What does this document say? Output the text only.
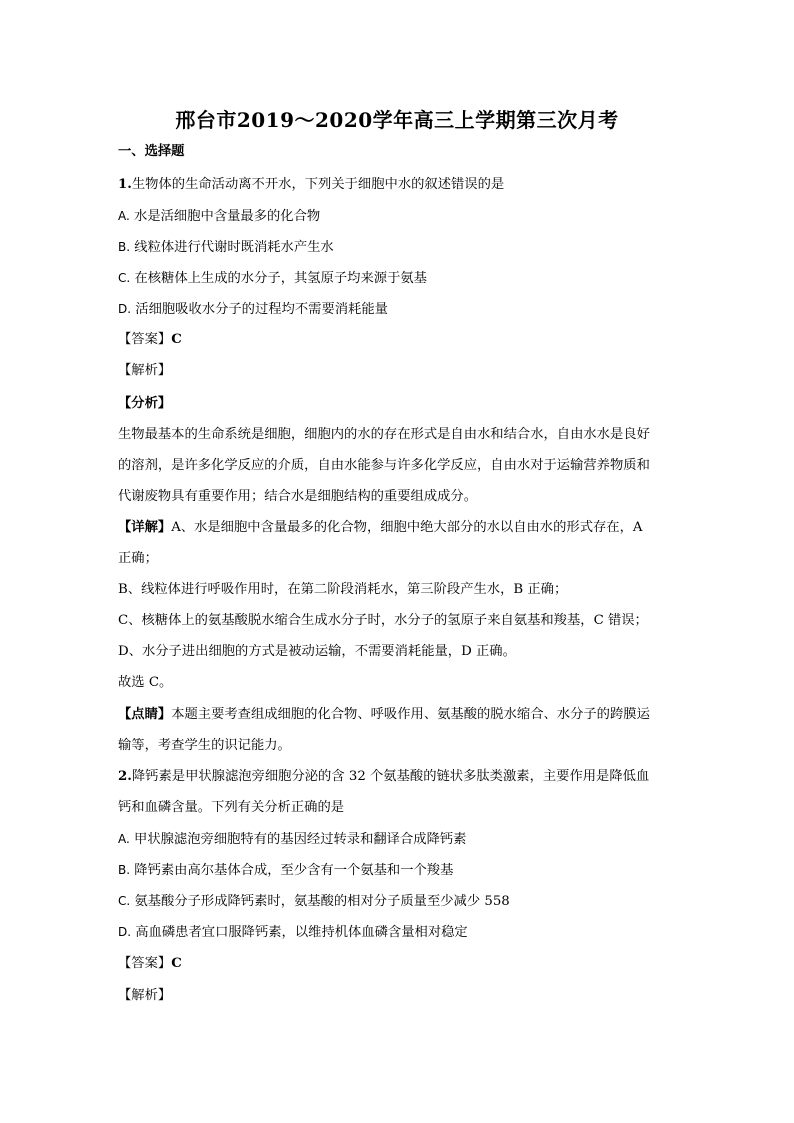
邢台市2019～2020学年高三上学期第三次月考
一、选择题
1.生物体的生命活动离不开水，下列关于细胞中水的叙述错误的是
A. 水是活细胞中含量最多的化合物
B. 线粒体进行代谢时既消耗水产生水
C. 在核糖体上生成的水分子，其氢原子均来源于氨基
D. 活细胞吸收水分子的过程均不需要消耗能量
【答案】C
【解析】
【分析】
生物最基本的生命系统是细胞，细胞内的水的存在形式是自由水和结合水，自由水水是良好
的溶剂，是许多化学反应的介质，自由水能参与许多化学反应，自由水对于运输营养物质和
代谢废物具有重要作用；结合水是细胞结构的重要组成成分。
【详解】A、水是细胞中含量最多的化合物，细胞中绝大部分的水以自由水的形式存在，A
正确；
B、线粒体进行呼吸作用时，在第二阶段消耗水，第三阶段产生水，B 正确；
C、核糖体上的氨基酸脱水缩合生成水分子时，水分子的氢原子来自氨基和羧基，C 错误；
D、水分子进出细胞的方式是被动运输，不需要消耗能量，D 正确。
故选 C。
【点睛】本题主要考查组成细胞的化合物、呼吸作用、氨基酸的脱水缩合、水分子的跨膜运
输等，考查学生的识记能力。
2.降钙素是甲状腺滤泡旁细胞分泌的含 32 个氨基酸的链状多肽类激素，主要作用是降低血
钙和血磷含量。下列有关分析正确的是
A. 甲状腺滤泡旁细胞特有的基因经过转录和翻译合成降钙素
B. 降钙素由高尔基体合成，至少含有一个氨基和一个羧基
C. 氨基酸分子形成降钙素时，氨基酸的相对分子质量至少减少 558
D. 高血磷患者宜口服降钙素，以维持机体血磷含量相对稳定
【答案】C
【解析】
